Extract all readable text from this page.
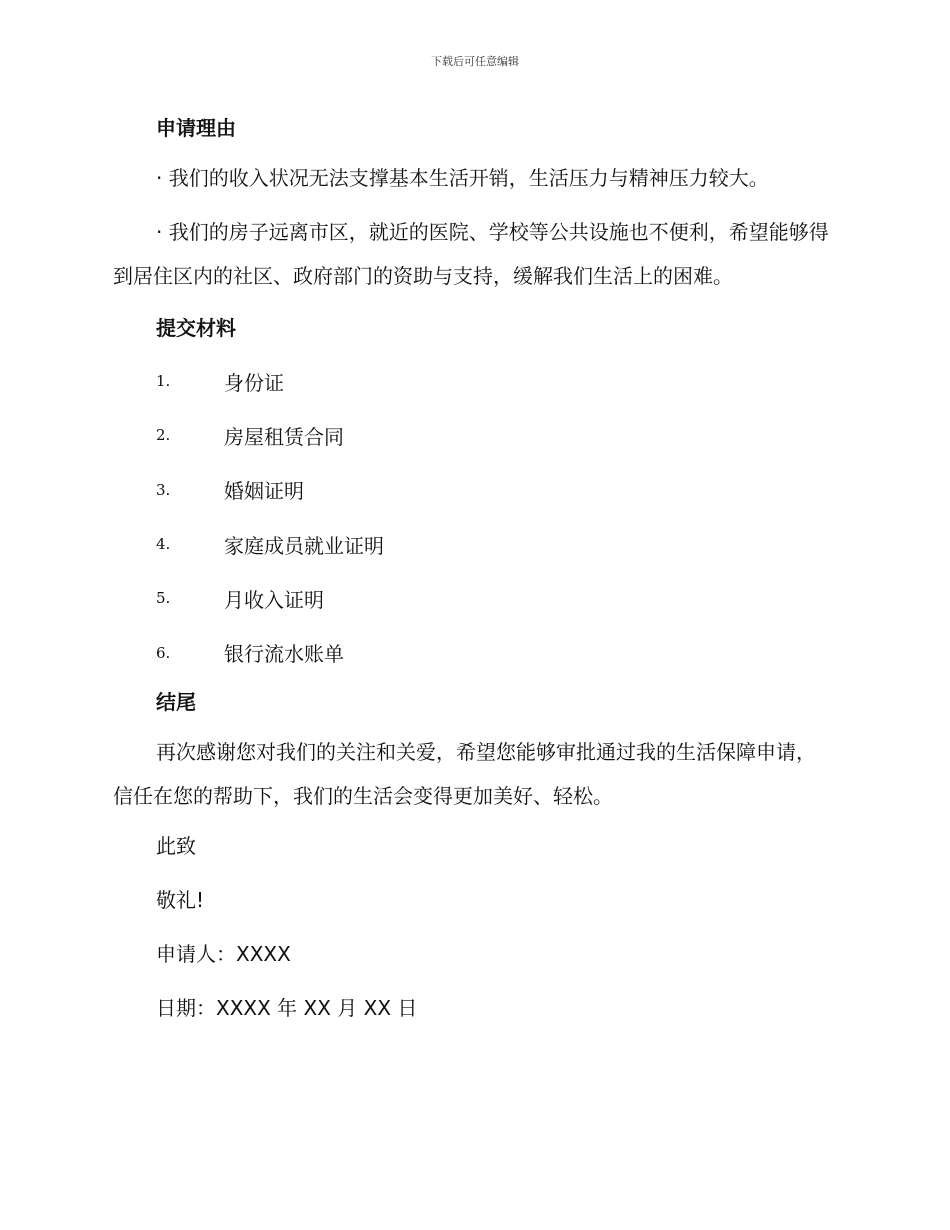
下载后可任意编辑
申请理由

· 我们的收入状况无法支撑基本生活开销，生活压力与精神压力较大。

· 我们的房子远离市区，就近的医院、学校等公共设施也不便利，希望能够得到居住区内的社区、政府部门的资助与支持，缓解我们生活上的困难。

提交材料
1.	身份证
2.	房屋租赁合同
3.	婚姻证明
4.	家庭成员就业证明
5.	月收入证明
6.	银行流水账单
结尾

再次感谢您对我们的关注和关爱，希望您能够审批通过我的生活保障申请，信任在您的帮助下，我们的生活会变得更加美好、轻松。

此致
敬礼!
申请人：XXXX
日期：XXXX 年 XX 月 XX 日
